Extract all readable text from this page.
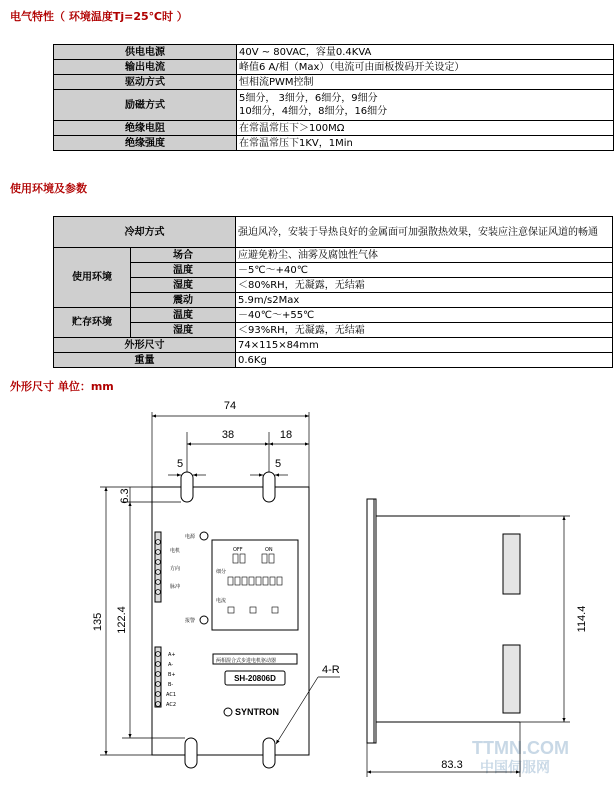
电气特性（ 环境温度Tj=25℃时 ）
供电电源	40V ~ 80VAC，容量0.4KVA
输出电流	峰值6 A/相（Max）（电流可由面板拨码开关设定）
驱动方式	恒相流PWM控制
励磁方式	5细分， 3细分，6细分，9细分
10细分，4细分，8细分，16细分

绝缘电阻	在常温常压下＞100MΩ
绝缘强度	在常温常压下1KV，1Min
使用环境及参数
冷却方式		强迫风冷，安装于导热良好的金属面可加强散热效果，安装应注意保证风道的畅通
使用环境	场合	应避免粉尘、油雾及腐蚀性气体
	温度	－5℃～+40℃
	湿度	＜80%RH，无凝露，无结霜
	震动	5.9m/s2Max
贮存环境	温度	－40℃～+55℃
	湿度	＜93%RH，无凝露，无结霜
外形尺寸		74×115×84mm
重量		0.6Kg
外形尺寸 单位：mm
TTMN.COM
中国伺服网
电源
电机
方向
脉冲
报警
OFF	ON
细分
电流
A+
A-
B+
B-
AC1
AC2
两相混合式步进电机驱动器
SH-20806D
SYNTRON
74
38	18
5	5
6.3
135 122.4	114.4
83.3
4-R
